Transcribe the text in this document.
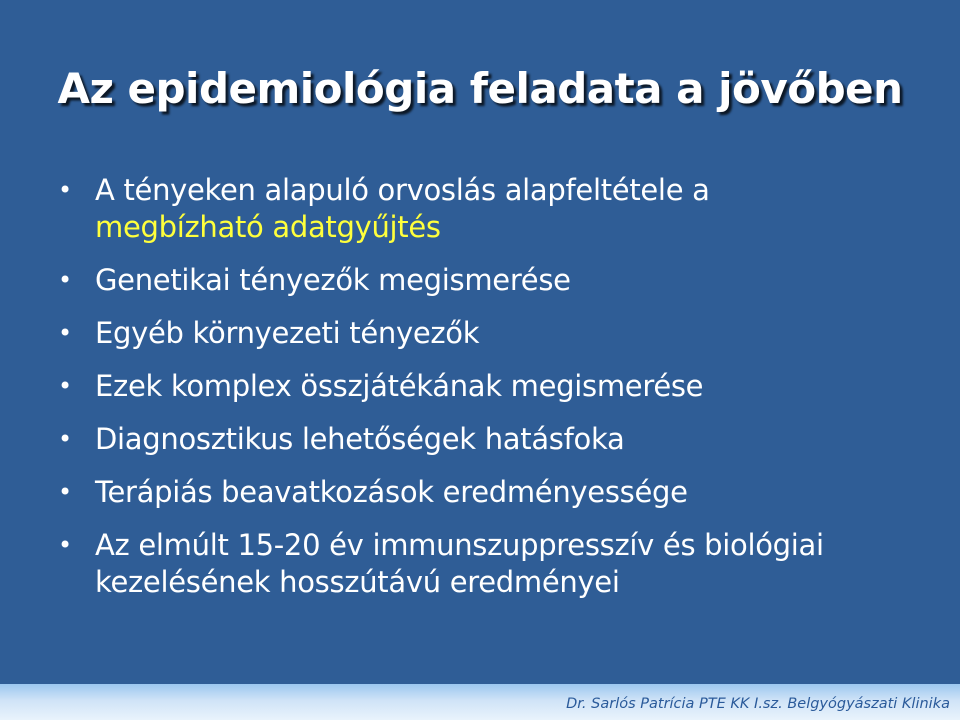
Az epidemiológia feladata a jövőben
• A tényeken alapuló orvoslás alapfeltétele a
megbízható adatgyűjtés
• Genetikai tényezők megismerése
• Egyéb környezeti tényezők
• Ezek komplex összjátékának megismerése
• Diagnosztikus lehetőségek hatásfoka
• Terápiás beavatkozások eredményessége
• Az elmúlt 15-20 év immunszuppresszív és biológiai kezelésének hosszútávú eredményei
Dr. Sarlós Patrícia PTE KK I.sz. Belgyógyászati Klinika
